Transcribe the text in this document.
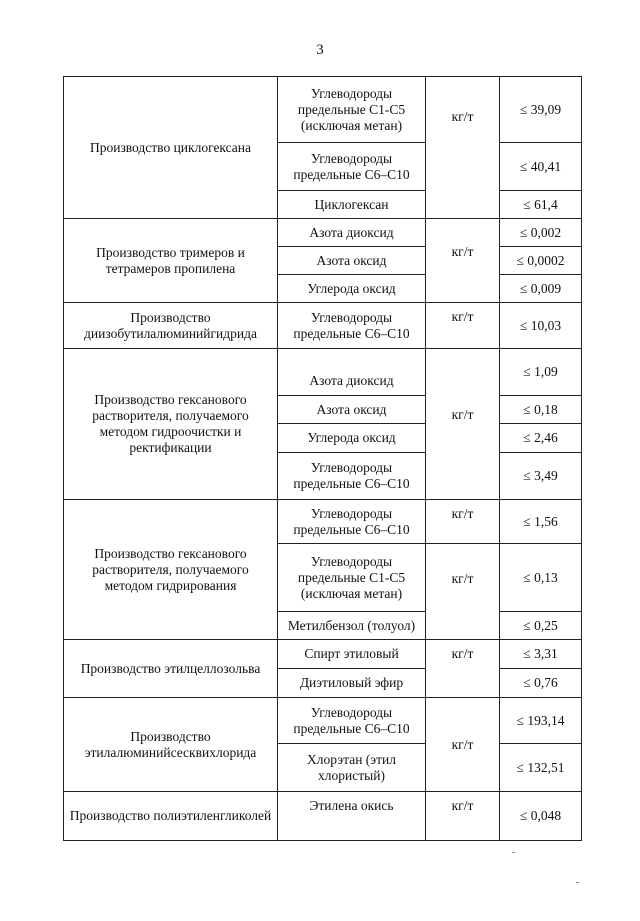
3
Производство циклогексана	Углеводороды предельные С1-С5 (исключая метан)	кг/т	≤ 39,09
	Углеводороды предельные С6–С10		≤ 40,41
	Циклогексан		≤ 61,4
Производство тримеров и тетрамеров пропилена	Азота диоксид	кг/т	≤ 0,002
	Азота оксид		≤ 0,0002
	Углерода оксид		≤ 0,009
Производство диизобутилалюминийгидрида	Углеводороды предельные С6–С10	кг/т	≤ 10,03
Производство гексанового растворителя, получаемого методом гидроочистки и ректификации	Азота диоксид	кг/т	≤ 1,09
	Азота оксид		≤ 0,18
	Углерода оксид		≤ 2,46
	Углеводороды предельные С6–С10		≤ 3,49
Производство гексанового растворителя, получаемого методом гидрирования	Углеводороды предельные С6–С10	кг/т	≤ 1,56
	Углеводороды предельные С1-С5 (исключая метан)	кг/т	≤ 0,13
	Метилбензол (толуол)		≤ 0,25
Производство этилцеллозольва	Спирт этиловый	кг/т	≤ 3,31
	Диэтиловый эфир		≤ 0,76
Производство этилалюминийсесквихлорида	Углеводороды предельные С6–С10	кг/т	≤ 193,14
	Хлорэтан (этил хлористый)		≤ 132,51
Производство полиэтиленгликолей	Этилена окись	кг/т	≤ 0,048
